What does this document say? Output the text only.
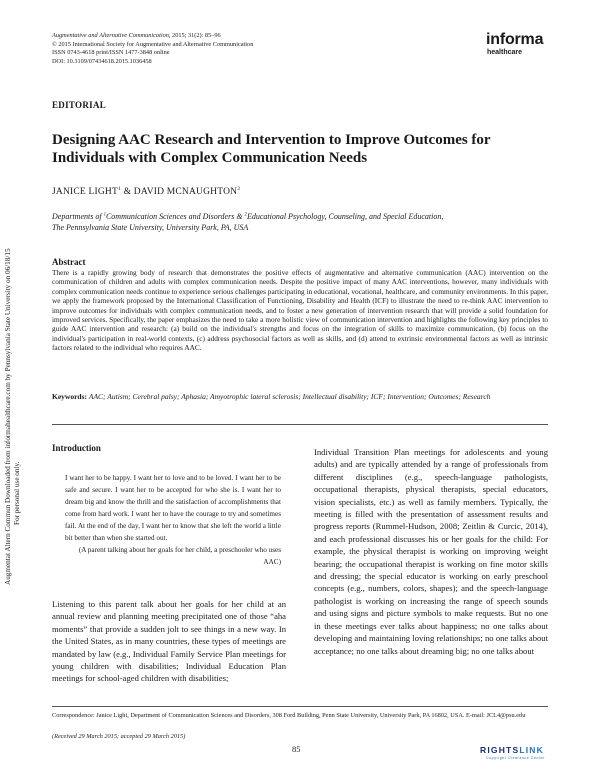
Augmentat Altern Commun Downloaded from informahealthcare.com by Pennsylvania State University on 06/18/15 For personal use only.
Augmentative and Alternative Communication, 2015; 31(2): 85–96
© 2015 International Society for Augmentative and Alternative Communication
ISSN 0743-4618 print/ISSN 1477-3848 online
DOI: 10.3109/07434618.2015.1036458
informa
healthcare
EDITORIAL
Designing AAC Research and Intervention to Improve Outcomes for Individuals with Complex Communication Needs
JANICE LIGHT$^1$ & DAVID MCNAUGHTON$^2$
Departments of $^1$Communication Sciences and Disorders & $^2$Educational Psychology, Counseling, and Special Education,
The Pennsylvania State University, University Park, PA, USA
Abstract
There is a rapidly growing body of research that demonstrates the positive effects of augmentative and alternative communication (AAC) intervention on the communication of children and adults with complex communication needs. Despite the positive impact of many AAC interventions, however, many individuals with complex communication needs continue to experience serious challenges participating in educational, vocational, healthcare, and community environments. In this paper, we apply the framework proposed by the International Classification of Functioning, Disability and Health (ICF) to illustrate the need to re-think AAC intervention to improve outcomes for individuals with complex communication needs, and to foster a new generation of intervention research that will provide a solid foundation for improved services. Specifically, the paper emphasizes the need to take a more holistic view of communication intervention and highlights the following key principles to guide AAC intervention and research: (a) build on the individual's strengths and focus on the integration of skills to maximize communication, (b) focus on the individual's participation in real-world contexts, (c) address psychosocial factors as well as skills, and (d) attend to extrinsic environmental factors as well as intrinsic factors related to the individual who requires AAC.
Keywords: AAC; Autism; Cerebral palsy; Aphasia; Amyotrophic lateral sclerosis; Intellectual disability; ICF; Intervention; Outcomes; Research
Introduction
I want her to be happy. I want her to love and to be loved. I want her to be safe and secure. I want her to be accepted for who she is. I want her to dream big and know the thrill and the satisfaction of accomplishments that come from hard work. I want her to have the courage to try and sometimes fail. At the end of the day, I want her to know that she left the world a little bit better than when she started out.
(A parent talking about her goals for her child, a preschooler who uses AAC)
Listening to this parent talk about her goals for her child at an annual review and planning meeting precipitated one of those “aha moments” that provide a sudden jolt to see things in a new way. In the United States, as in many countries, these types of meetings are mandated by law (e.g., Individual Family Service Plan meetings for young children with disabilities; Individual Education Plan meetings for school-aged children with disabilities;
Individual Transition Plan meetings for adolescents and young adults) and are typically attended by a range of professionals from different disciplines (e.g., speech-language pathologists, occupational therapists, physical therapists, special educators, vision specialists, etc.) as well as family members. Typically, the meeting is filled with the presentation of assessment results and progress reports (Rummel-Hudson, 2008; Zeitlin & Curcic, 2014), and each professional discusses his or her goals for the child: For example, the physical therapist is working on improving weight bearing; the occupational therapist is working on fine motor skills and dressing; the special educator is working on early preschool concepts (e.g., numbers, colors, shapes); and the speech-language pathologist is working on increasing the range of speech sounds and using signs and picture symbols to make requests. But no one in these meetings ever talks about happiness; no one talks about developing and maintaining loving relationships; no one talks about acceptance; no one talks about dreaming big; no one talks about
Correspondence: Janice Light, Department of Communication Sciences and Disorders, 308 Ford Building, Penn State University, University Park, PA 16802, USA. E-mail: JCL4@psu.edu
(Received 29 March 2015; accepted 29 March 2015)
85	RIGHTSLINK
Copyright Clearance Center
